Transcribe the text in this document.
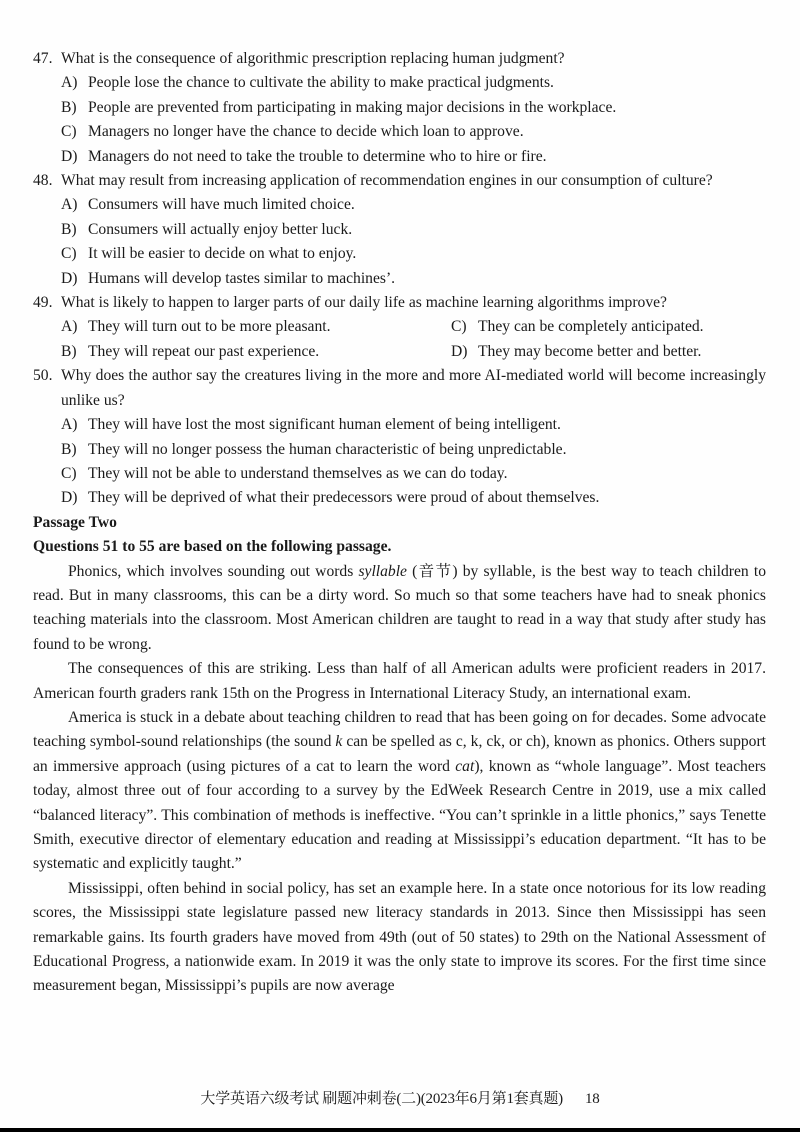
47. What is the consequence of algorithmic prescription replacing human judgment?
A) People lose the chance to cultivate the ability to make practical judgments.
B) People are prevented from participating in making major decisions in the workplace.
C) Managers no longer have the chance to decide which loan to approve.
D) Managers do not need to take the trouble to determine who to hire or fire.
48. What may result from increasing application of recommendation engines in our consumption of culture?
A) Consumers will have much limited choice.
B) Consumers will actually enjoy better luck.
C) It will be easier to decide on what to enjoy.
D) Humans will develop tastes similar to machines’.
49. What is likely to happen to larger parts of our daily life as machine learning algorithms improve?
A) They will turn out to be more pleasant.	C) They can be completely anticipated.
B) They will repeat our past experience.	D) They may become better and better.
50. Why does the author say the creatures living in the more and more AI-mediated world will become increasingly unlike us?
A) They will have lost the most significant human element of being intelligent.
B) They will no longer possess the human characteristic of being unpredictable.
C) They will not be able to understand themselves as we can do today.
D) They will be deprived of what their predecessors were proud of about themselves.
Passage Two
Questions 51 to 55 are based on the following passage.

Phonics, which involves sounding out words syllable (音节) by syllable, is the best way to teach children to read. But in many classrooms, this can be a dirty word. So much so that some teachers have had to sneak phonics teaching materials into the classroom. Most American children are taught to read in a way that study after study has found to be wrong.

The consequences of this are striking. Less than half of all American adults were proficient readers in 2017. American fourth graders rank 15th on the Progress in International Literacy Study, an international exam.

America is stuck in a debate about teaching children to read that has been going on for decades. Some advocate teaching symbol-sound relationships (the sound k can be spelled as c, k, ck, or ch), known as phonics. Others support an immersive approach (using pictures of a cat to learn the word cat), known as “whole language”. Most teachers today, almost three out of four according to a survey by the EdWeek Research Centre in 2019, use a mix called “balanced literacy”. This combination of methods is ineffective. “You can’t sprinkle in a little phonics,” says Tenette Smith, executive director of elementary education and reading at Mississippi’s education department. “It has to be systematic and explicitly taught.”

Mississippi, often behind in social policy, has set an example here. In a state once notorious for its low reading scores, the Mississippi state legislature passed new literacy standards in 2013. Since then Mississippi has seen remarkable gains. Its fourth graders have moved from 49th (out of 50 states) to 29th on the National Assessment of Educational Progress, a nationwide exam. In 2019 it was the only state to improve its scores. For the first time since measurement began, Mississippi’s pupils are now average

大学英语六级考试 刷题冲刺卷(二)(2023年6月第1套真题) 18
